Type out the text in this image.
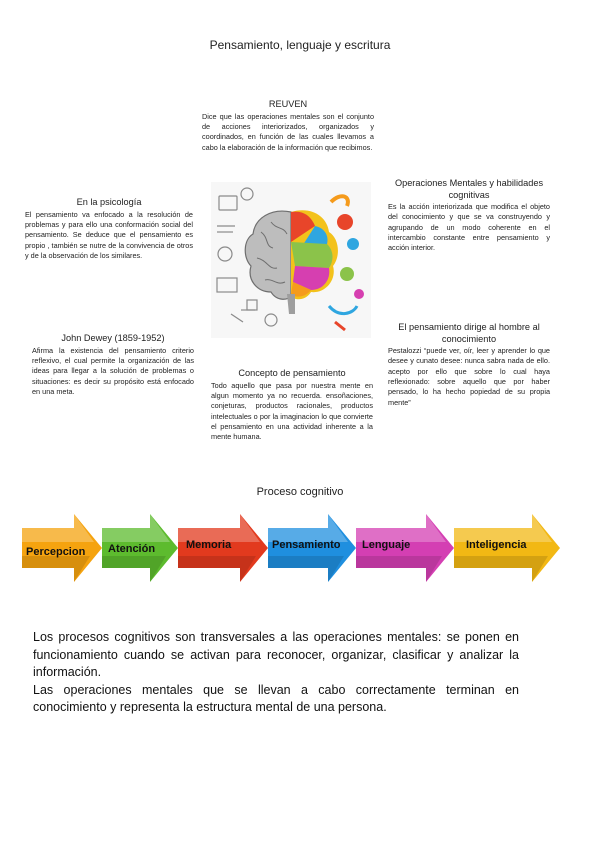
Pensamiento, lenguaje y escritura
REUVEN

Dice que las operaciones mentales son el conjunto de acciones interiorizados, organizados y coordinados, en función de las cuales llevamos a cabo la elaboración de la información que recibimos.

En la psicología

El pensamiento va enfocado a la resolución de problemas y para ello una conformación social del pensamiento. Se deduce que el pensamiento es propio , también se nutre de la convivencia de otros y de la observación de los similares.

Operaciones Mentales y habilidades cognitivas

Es la acción interiorizada que modifica el objeto del conocimiento y que se va construyendo y agrupando de un modo coherente en el intercambio constante entre pensamiento y acción interior.

John Dewey (1859-1952)

Afirma la existencia del pensamiento criterio reflexivo, el cual permite la organización de las ideas para llegar a la solución de problemas o situaciones: es decir su propósito está enfocado en una meta.

Concepto de pensamiento

Todo aquello que pasa por nuestra mente en algun momento ya no recuerda. ensoñaciones, conjeturas, productos racionales, productos intelectuales o por la imaginacion lo que convierte el pensamiento en una actividad inherente a la mente humana.

El pensamiento dirige al hombre al conocimiento

Pestalozzi “puede ver, oír, leer y aprender lo que desee y cunato desee: nunca sabra nada de ello. acepto por ello que sobre lo cual haya reflexionado: sobre aquello que por haber pensado, lo ha hecho popiedad de su propia mente”

Proceso cognitivo
Percepcion Atención	Memoria	Pensamiento Lenguaje	Inteligencia

Los procesos cognitivos son transversales a las operaciones mentales: se ponen en funcionamiento cuando se activan para reconocer, organizar, clasificar y analizar la información.

Las operaciones mentales que se llevan a cabo correctamente terminan en conocimiento y representa la estructura mental de una persona.
